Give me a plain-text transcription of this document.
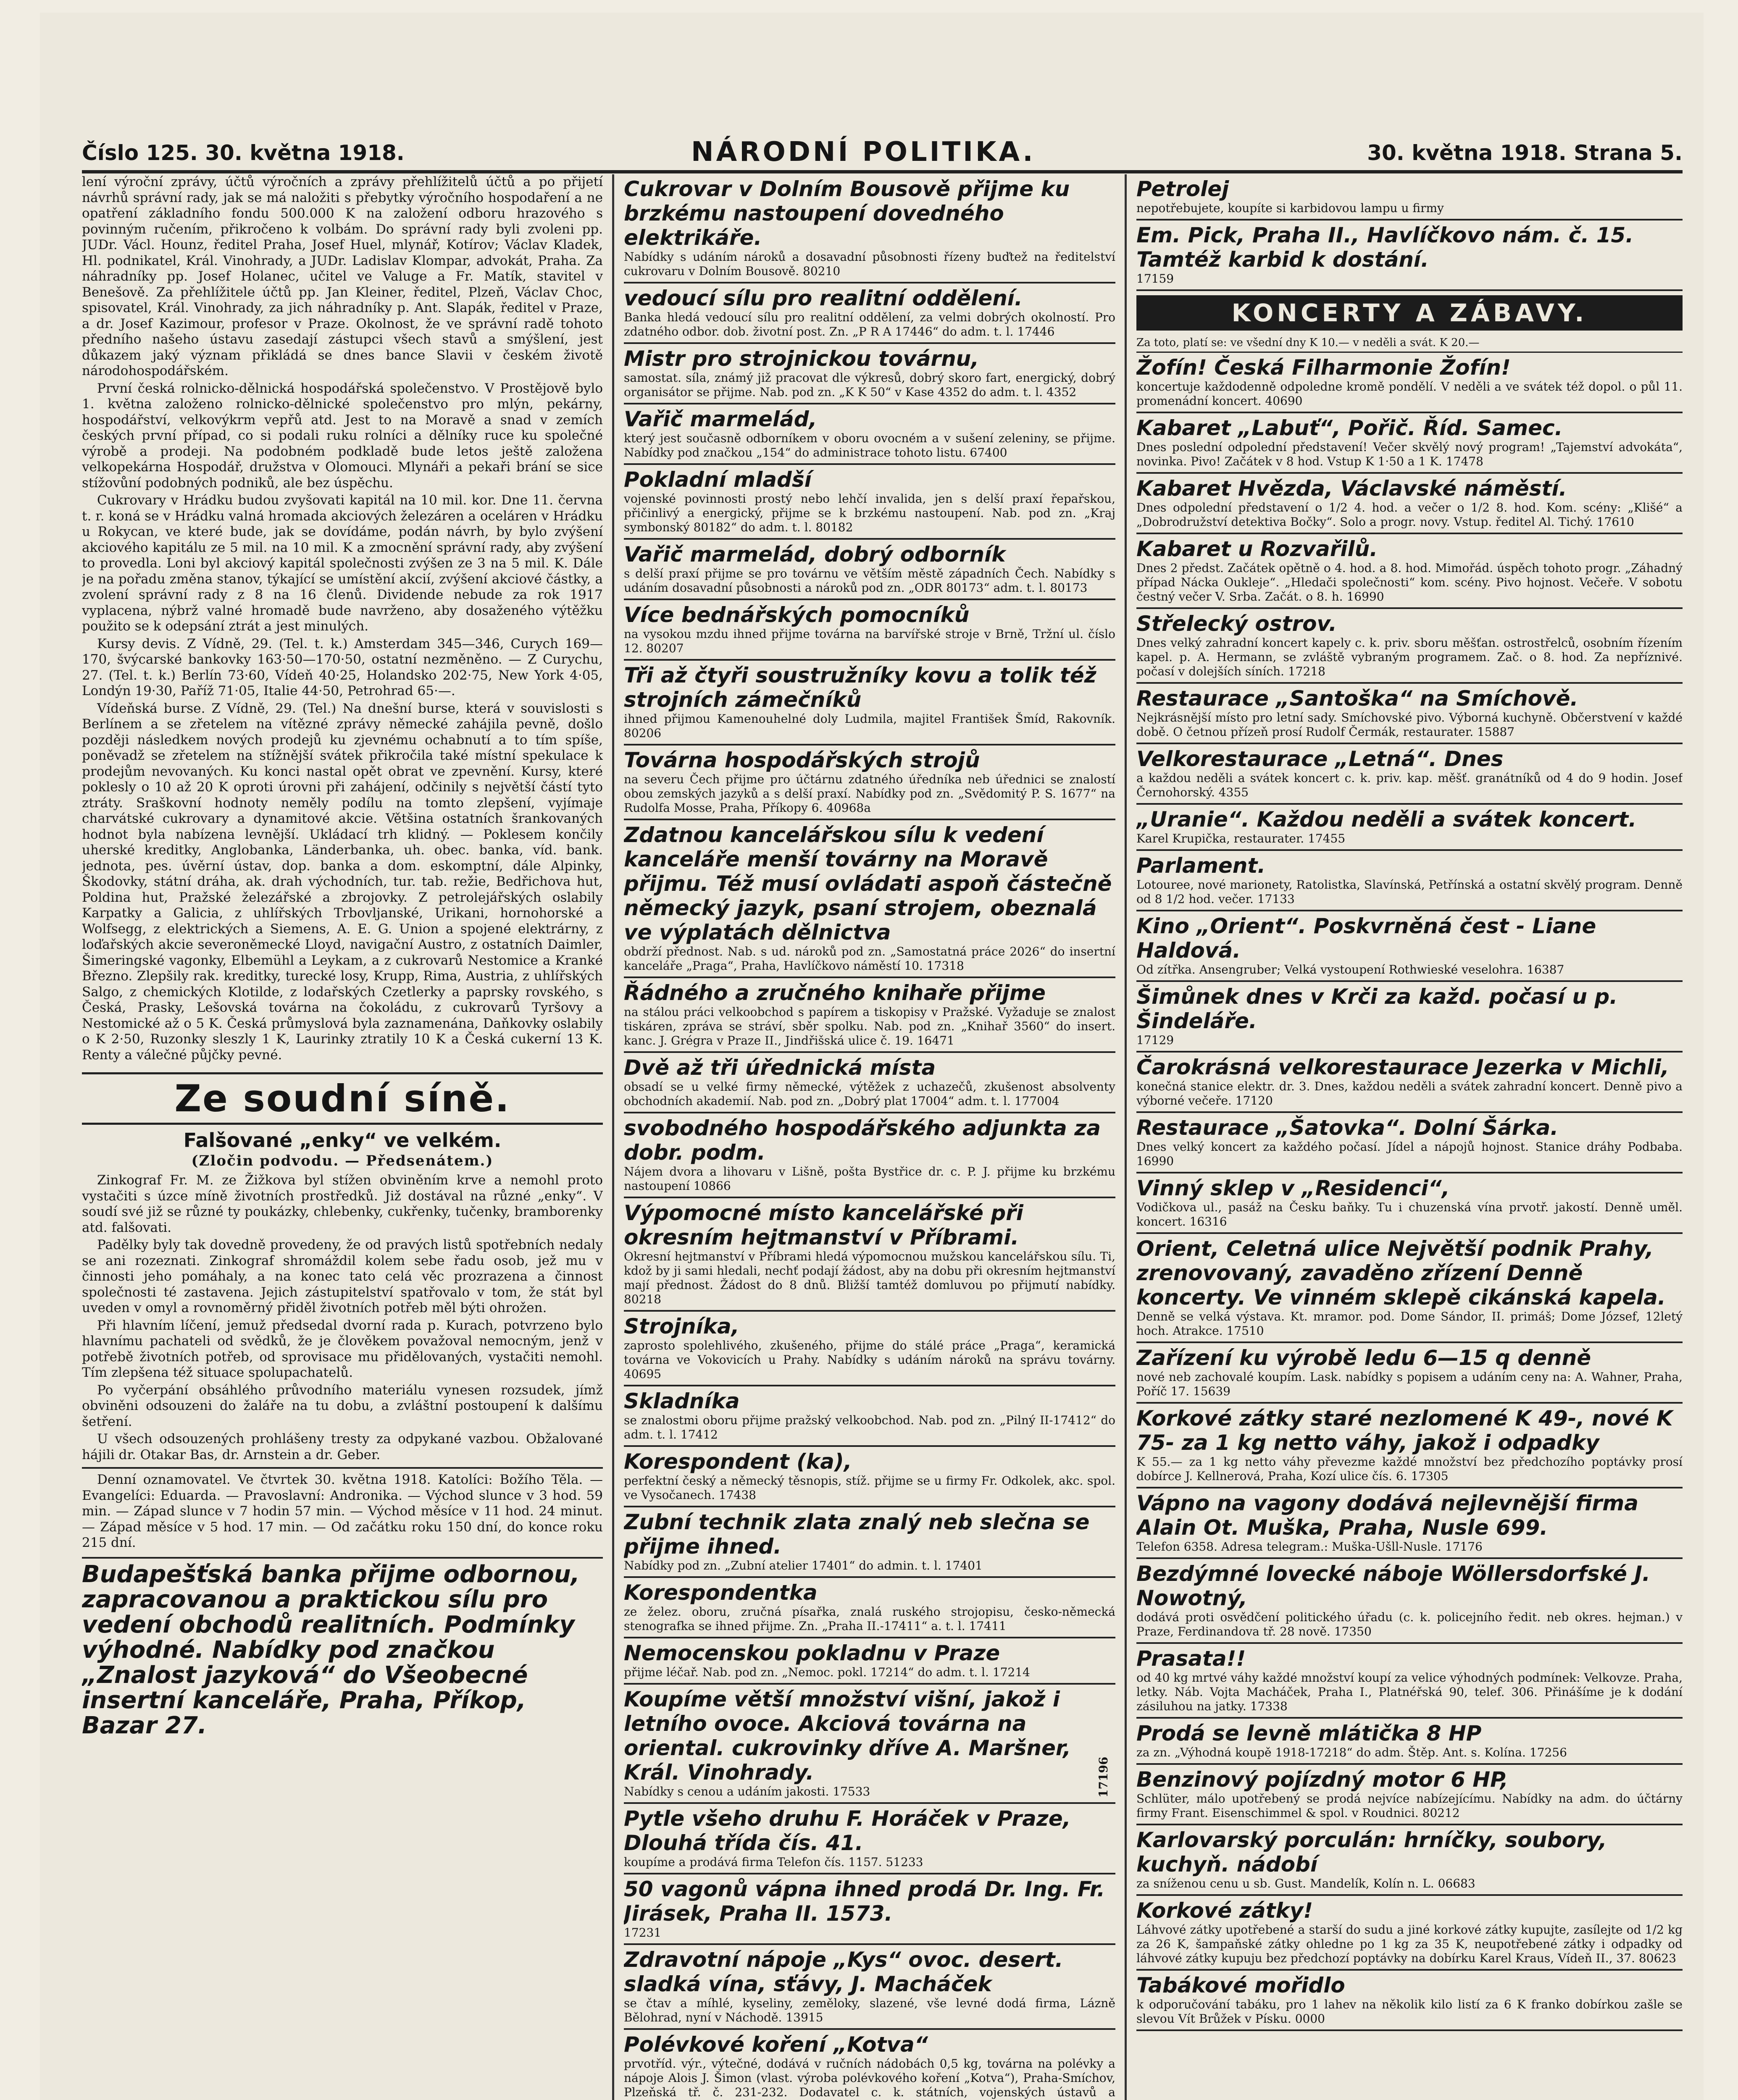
Číslo 125. 30. května 1918.	NÁRODNÍ POLITIKA.	30. května 1918. Strana 5.

lení výroční zprávy, účtů výročních a zprávy přehlížitelů účtů a po přijetí návrhů správní rady, jak se má naložiti s přebytky výročního hospodaření a ne opatření základního fondu 500.000 K na založení odboru hrazového s povinným ručením, přikročeno k volbám. Do správní rady byli zvoleni pp. JUDr. Václ. Hounz, ředitel Praha, Josef Huel, mlynář, Kotírov; Václav Kladek, Hl. podnikatel, Král. Vinohrady, a JUDr. Ladislav Klompar, advokát, Praha. Za náhradníky pp. Josef Holanec, učitel ve Valuge a Fr. Matík, stavitel v Benešově. Za přehlížitele účtů pp. Jan Kleiner, ředitel, Plzeň, Václav Choc, spisovatel, Král. Vinohrady, za jich náhradníky p. Ant. Slapák, ředitel v Praze, a dr. Josef Kazimour, profesor v Praze. Okolnost, že ve správní radě tohoto předního našeho ústavu zasedají zástupci všech stavů a smýšlení, jest důkazem jaký význam přikládá se dnes bance Slavii v českém životě národohospodářském.

První česká rolnicko-dělnická hospodářská společenstvo. V Prostějově bylo 1. května založeno rolnicko-dělnické společenstvo pro mlýn, pekárny, hospodářství, velkovýkrm vepřů atd. Jest to na Moravě a snad v zemích českých první případ, co si podali ruku rolníci a dělníky ruce ku společné výrobě a prodeji. Na podobném podkladě bude letos ještě založena velkopekárna Hospodář, družstva v Olomouci. Mlynáři a pekaři brání se sice stížovůní podobných podniků, ale bez úspěchu.

Cukrovary v Hrádku budou zvyšovati kapitál na 10 mil. kor. Dne 11. června t. r. koná se v Hrádku valná hromada akciových železáren a oceláren v Hrádku u Rokycan, ve které bude, jak se dovídáme, podán návrh, by bylo zvýšení akciového kapitálu ze 5 mil. na 10 mil. K a zmocnění správní rady, aby zvýšení to provedla. Loni byl akciový kapitál společnosti zvýšen ze 3 na 5 mil. K. Dále je na pořadu změna stanov, týkající se umístění akcií, zvýšení akciové částky, a zvolení správní rady z 8 na 16 členů. Dividende nebude za rok 1917 vyplacena, nýbrž valné hromadě bude navrženo, aby dosaženého výtěžku použito se k odepsání ztrát a jest minulých.

Kursy devis. Z Vídně, 29. (Tel. t. k.) Amsterdam 345—346, Curych 169—170, švýcarské bankovky 163·50—170·50, ostatní nezměněno. — Z Curychu, 27. (Tel. t. k.) Berlín 73·60, Vídeň 40·25, Holandsko 202·75, New York 4·05, Londýn 19·30, Paříž 71·05, Italie 44·50, Petrohrad 65·—.

Vídeňská burse. Z Vídně, 29. (Tel.) Na dnešní burse, která v souvislosti s Berlínem a se zřetelem na vítězné zprávy německé zahájila pevně, došlo později následkem nových prodejů ku zjevnému ochabnutí a to tím spíše, poněvadž se zřetelem na stížnější svátek přikročila také místní spekulace k prodejům nevovaných. Ku konci nastal opět obrat ve zpevnění. Kursy, které poklesly o 10 až 20 K oproti úrovni při zahájení, odčinily s největší částí tyto ztráty. Sraškovní hodnoty neměly podílu na tomto zlepšení, vyjímaje charvátské cukrovary a dynamitové akcie. Většina ostatních šrankovaných hodnot byla nabízena levnější. Ukládací trh klidný. — Poklesem končily uherské kreditky, Anglobanka, Länderbanka, uh. obec. banka, víd. bank. jednota, pes. úvěrní ústav, dop. banka a dom. eskomptní, dále Alpinky, Škodovky, státní dráha, ak. drah východních, tur. tab. režie, Bedřichova hut, Poldina hut, Pražské železářské a zbrojovky. Z petrolejářských oslabily Karpatky a Galicia, z uhlířských Trbovljanské, Urikani, hornohorské a Wolfsegg, z elektrických a Siemens, A. E. G. Union a spojené elektrárny, z loďařských akcie severoněmecké Lloyd, navigační Austro, z ostatních Daimler, Šimeringské vagonky, Elbemühl a Leykam, a z cukrovarů Nestomice a Kranké Březno. Zlepšily rak. kreditky, turecké losy, Krupp, Rima, Austria, z uhlířských Salgo, z chemických Klotilde, z lodařských Czetlerky a paprsky rovského, s Česká, Prasky, Lešovská továrna na čokoládu, z cukrovarů Tyršovy a Nestomické až o 5 K. Česká průmyslová byla zaznamenána, Daňkovky oslabily o K 2·50, Ruzonky sleszly 1 K, Laurinky ztratily 10 K a Česká cukerní 13 K. Renty a válečné půjčky pevné.

Ze soudní síně.
Falšované „enky“ ve velkém.
(Zločin podvodu. — Předsenátem.)

Zinkograf Fr. M. ze Žižkova byl stížen obviněním krve a nemohl proto vystačiti s úzce míně životních prostředků. Již dostával na různé „enky“. V soudí své již se různé ty poukázky, chlebenky, cukřenky, tučenky, bramborenky atd. falšovati.

Padělky byly tak dovedně provedeny, že od pravých listů spotřebních nedaly se ani rozeznati. Zinkograf shromáždil kolem sebe řadu osob, jež mu v činnosti jeho pomáhaly, a na konec tato celá věc prozrazena a činnost společnosti té zastavena. Jejich zástupitelství spatřovalo v tom, že stát byl uveden v omyl a rovnoměrný přiděl životních potřeb měl býti ohrožen.

Při hlavním líčení, jemuž předsedal dvorní rada p. Kurach, potvrzeno bylo hlavnímu pachateli od svědků, že je člověkem považoval nemocným, jenž v potřebě životních potřeb, od sprovisace mu přidělovaných, vystačiti nemohl. Tím zlepšena též situace spolupachatelů.

Po vyčerpání obsáhlého průvodního materiálu vynesen rozsudek, jímž obviněni odsouzeni do žaláře na tu dobu, a zvláštní postoupení k dalšímu šetření.

U všech odsouzených prohlášeny tresty za odpykané vazbou. Obžalované hájili dr. Otakar Bas, dr. Arnstein a dr. Geber.

Denní oznamovatel. Ve čtvrtek 30. května 1918. Katolíci: Božího Těla. — Evangelíci: Eduarda. — Pravoslavní: Andronika. — Východ slunce v 3 hod. 59 min. — Západ slunce v 7 hodin 57 min. — Východ měsíce v 11 hod. 24 minut. — Západ měsíce v 5 hod. 17 min. — Od začátku roku 150 dní, do konce roku 215 dní.

Budapešťská banka přijme odbornou, zapracovanou a praktickou sílu pro vedení obchodů realitních. Podmínky výhodné. Nabídky pod značkou „Znalost jazyková“ do Všeobecné insertní kanceláře, Praha, Příkop, Bazar 27.
Cukrovar v Dolním Bousově přijme ku brzkému nastoupení dovedného elektrikáře.
Nabídky s udáním nároků a dosavadní působnosti řízeny buďtež na ředitelství cukrovaru v Dolním Bousově. 80210
vedoucí sílu pro realitní oddělení.
Banka hledá vedoucí sílu pro realitní oddělení, za velmi dobrých okolností. Pro zdatného odbor. dob. životní post. Zn. „P R A 17446“ do adm. t. l. 17446
Mistr pro strojnickou továrnu,
samostat. síla, známý již pracovat dle výkresů, dobrý skoro fart, energický, dobrý organisátor se přijme. Nab. pod zn. „K K 50“ v Kase 4352 do adm. t. l. 4352
Vařič marmelád,
který jest současně odborníkem v oboru ovocném a v sušení zeleniny, se přijme. Nabídky pod značkou „154“ do administrace tohoto listu. 67400
Pokladní mladší
vojenské povinnosti prostý nebo lehčí invalida, jen s delší praxí řepařskou, přičinlivý a energický, přijme se k brzkému nastoupení. Nab. pod zn. „Kraj symbonský 80182“ do adm. t. l. 80182
Vařič marmelád, dobrý odborník
s delší praxí přijme se pro továrnu ve větším městě západních Čech. Nabídky s udáním dosavadní působnosti a nároků pod zn. „ODR 80173“ adm. t. l. 80173
Více bednářských pomocníků
na vysokou mzdu ihned přijme továrna na barvířské stroje v Brně, Tržní ul. číslo 12. 80207
Tři až čtyři soustružníky kovu a tolik též strojních zámečníků
ihned přijmou Kamenouhelné doly Ludmila, majitel František Šmíd, Rakovník. 80206
Továrna hospodářských strojů
na severu Čech přijme pro účtárnu zdatného úředníka neb úřednici se znalostí obou zemských jazyků a s delší praxí. Nabídky pod zn. „Svědomitý P. S. 1677“ na Rudolfa Mosse, Praha, Příkopy 6. 40968a
Zdatnou kancelářskou sílu k vedení kanceláře menší továrny na Moravě přijmu. Též musí ovládati aspoň částečně německý jazyk, psaní strojem, obeznalá ve výplatách dělnictva
obdrží přednost. Nab. s ud. nároků pod zn. „Samostatná práce 2026“ do insertní kanceláře „Praga“, Praha, Havlíčkovo náměstí 10. 17318
Řádného a zručného knihaře přijme
na stálou práci velkoobchod s papírem a tiskopisy v Pražské. Vyžaduje se znalost tiskáren, zpráva se stráví, sběr spolku. Nab. pod zn. „Knihař 3560“ do insert. kanc. J. Grégra v Praze II., Jindřišská ulice č. 19. 16471
Dvě až tři úřednická místa
obsadí se u velké firmy německé, výtěžek z uchazečů, zkušenost absolventy obchodních akademií. Nab. pod zn. „Dobrý plat 17004“ adm. t. l. 177004
svobodného hospodářského adjunkta za dobr. podm.
Nájem dvora a lihovaru v Lišně, pošta Bystřice dr. c. P. J. přijme ku brzkému nastoupení 10866
Výpomocné místo kancelářské při okresním hejtmanství v Příbrami.
Okresní hejtmanství v Příbrami hledá výpomocnou mužskou kancelářskou sílu. Ti, kdož by ji sami hledali, nechť podají žádost, aby na dobu při okresním hejtmanství mají přednost. Žádost do 8 dnů. Bližší tamtéž domluvou po přijmutí nabídky. 80218
Strojníka,
zaprosto spolehlivého, zkušeného, přijme do stálé práce „Praga“, keramická továrna ve Vokovicích u Prahy. Nabídky s udáním nároků na správu továrny. 40695
Skladníka
se znalostmi oboru přijme pražský velkoobchod. Nab. pod zn. „Pilný II-17412“ do adm. t. l. 17412
Korespondent (ka),
perfektní český a německý těsnopis, stíž. přijme se u firmy Fr. Odkolek, akc. spol. ve Vysočanech. 17438
Zubní technik zlata znalý neb slečna se přijme ihned.
Nabídky pod zn. „Zubní atelier 17401“ do admin. t. l. 17401
Korespondentka
ze želez. oboru, zručná písařka, znalá ruského strojopisu, česko-německá stenografka se ihned přijme. Zn. „Praha II.-17411“ a. t. l. 17411
Nemocenskou pokladnu v Praze
přijme léčař. Nab. pod zn. „Nemoc. pokl. 17214“ do adm. t. l. 17214
Koupíme větší množství višní, jakož i letního ovoce. Akciová továrna na oriental. cukrovinky dříve A. Maršner, Král. Vinohrady.
Nabídky s cenou a udáním jakosti. 17533
Pytle všeho druhu F. Horáček v Praze, Dlouhá třída čís. 41.
koupíme a prodává firma Telefon čís. 1157. 51233
50 vagonů vápna ihned prodá Dr. Ing. Fr. Jirásek, Praha II. 1573.
17231
Zdravotní nápoje „Kys“ ovoc. desert. sladká vína, sťávy, J. Macháček
se čtav a míhlé, kyseliny, zeměloky, slazené, vše levné dodá firma, Lázně Bělohrad, nyní v Náchodě. 13915
Polévkové koření „Kotva“
prvotříd. výr., výtečné, dodává v ručních nádobách 0,5 kg, továrna na polévky a nápoje Alois J. Šimon (vlast. výroba polévkového koření „Kotva“), Praha-Smíchov, Plzeňská tř. č. 231-232. Dodavatel c. k. státních, vojenských ústavů a
Petrolej
nepotřebujete, koupíte si karbidovou lampu u firmy
Em. Pick, Praha II., Havlíčkovo nám. č. 15. Tamtéž karbid k dostání.
17159
KONCERTY A ZÁBAVY.
Za toto, platí se: ve všední dny K 10.— v neděli a svát. K 20.—
Žofín! Česká Filharmonie Žofín!
koncertuje každodenně odpoledne kromě pondělí. V neděli a ve svátek též dopol. o půl 11. promenádní koncert. 40690
Kabaret „Labuť“, Pořič. Říd. Samec.
Dnes poslední odpolední představení! Večer skvělý nový program! „Tajemství advokáta“, novinka. Pivo! Začátek v 8 hod. Vstup K 1·50 a 1 K. 17478
Kabaret Hvězda, Václavské náměstí.
Dnes odpolední představení o 1/2 4. hod. a večer o 1/2 8. hod. Kom. scény: „Klišé“ a „Dobrodružství detektiva Bočky“. Solo a progr. novy. Vstup. ředitel Al. Tichý. 17610
Kabaret u Rozvařilů.
Dnes 2 předst. Začátek opětně o 4. hod. a 8. hod. Mimořád. úspěch tohoto progr. „Záhadný případ Nácka Oukleje“. „Hledači společnosti“ kom. scény. Pivo hojnost. Večeře. V sobotu čestný večer V. Srba. Začát. o 8. h. 16990
Střelecký ostrov.
Dnes velký zahradní koncert kapely c. k. priv. sboru měšťan. ostrostřelců, osobním řízením kapel. p. A. Hermann, se zvláště vybraným programem. Zač. o 8. hod. Za nepříznivé. počasí v dolejších síních. 17218
Restaurace „Santoška“ na Smíchově.
Nejkrásnější místo pro letní sady. Smíchovské pivo. Výborná kuchyně. Občerstvení v každé době. O četnou přízeň prosí Rudolf Čermák, restaurater. 15887
Velkorestaurace „Letná“. Dnes
a každou neděli a svátek koncert c. k. priv. kap. měšť. granátníků od 4 do 9 hodin. Josef Černohorský. 4355
„Uranie“. Každou neděli a svátek koncert.
Karel Krupička, restaurater. 17455
Parlament.
Lotouree, nové marionety, Ratolistka, Slavínská, Petřínská a ostatní skvělý program. Denně od 8 1/2 hod. večer. 17133
Kino „Orient“. Poskvrněná čest - Liane Haldová.
Od zítřka. Ansengruber; Velká vystoupení Rothwieské veselohra. 16387
Šimůnek dnes v Krči za každ. počasí u p. Šindeláře.
17129
Čarokrásná velkorestaurace Jezerka v Michli,
konečná stanice elektr. dr. 3. Dnes, každou neděli a svátek zahradní koncert. Denně pivo a výborné večeře. 17120
Restaurace „Šatovka“. Dolní Šárka.
Dnes velký koncert za každého počasí. Jídel a nápojů hojnost. Stanice dráhy Podbaba. 16990
Vinný sklep v „Residenci“,
Vodičkova ul., pasáž na Česku baňky. Tu i chuzenská vína prvotř. jakostí. Denně uměl. koncert. 16316
Orient, Celetná ulice Největší podnik Prahy, zrenovovaný, zavaděno zřízení Denně koncerty. Ve vinném sklepě cikánská kapela.
Denně se velká výstava. Kt. mramor. pod. Dome Sándor, II. primáš; Dome József, 12letý hoch. Atrakce. 17510
Zařízení ku výrobě ledu 6—15 q denně
nové neb zachovalé koupím. Lask. nabídky s popisem a udáním ceny na: A. Wahner, Praha, Poříč 17. 15639
Korkové zátky staré nezlomené K 49-, nové K 75- za 1 kg netto váhy, jakož i odpadky
K 55.— za 1 kg netto váhy převezme každé množství bez předchozího poptávky prosí dobírce J. Kellnerová, Praha, Kozí ulice čís. 6. 17305
Vápno na vagony dodává nejlevnější firma Alain Ot. Muška, Praha, Nusle 699.
Telefon 6358. Adresa telegram.: Muška-Ušll-Nusle. 17176
Bezdýmné lovecké náboje Wöllersdorfské J. Nowotný,
dodává proti osvědčení politického úřadu (c. k. policejního ředit. neb okres. hejman.) v Praze, Ferdinandova tř. 28 nově. 17350
Prasata!!
od 40 kg mrtvé váhy každé množství koupí za velice výhodných podmínek: Velkovze. Praha, letky. Náb. Vojta Macháček, Praha I., Platnéřská 90, telef. 306. Přinášíme je k dodání zásiluhou na jatky. 17338
Prodá se levně mlátička 8 HP
za zn. „Výhodná koupě 1918-17218“ do adm. Štěp. Ant. s. Kolína. 17256
Benzinový pojízdný motor 6 HP,
Schlüter, málo upotřebený se prodá nejvíce nabízejícímu. Nabídky na adm. do účtárny firmy Frant. Eisenschimmel & spol. v Roudnici. 80212
Karlovarský porculán: hrníčky, soubory, kuchyň. nádobí
za sníženou cenu u sb. Gust. Mandelík, Kolín n. L. 06683
Korkové zátky!
Láhvové zátky upotřebené a starší do sudu a jiné korkové zátky kupujte, zasílejte od 1/2 kg za 26 K, šampaňské zátky ohledne po 1 kg za 35 K, neupotřebené zátky i odpadky od láhvové zátky kupuju bez předchozí poptávky na dobírku Karel Kraus, Vídeň II., 37. 80623
Tabákové mořidlo
k odporučování tabáku, pro 1 lahev na několik kilo listí za 6 K franko dobírkou zašle se slevou Vít Brůžek v Písku. 0000
17196
